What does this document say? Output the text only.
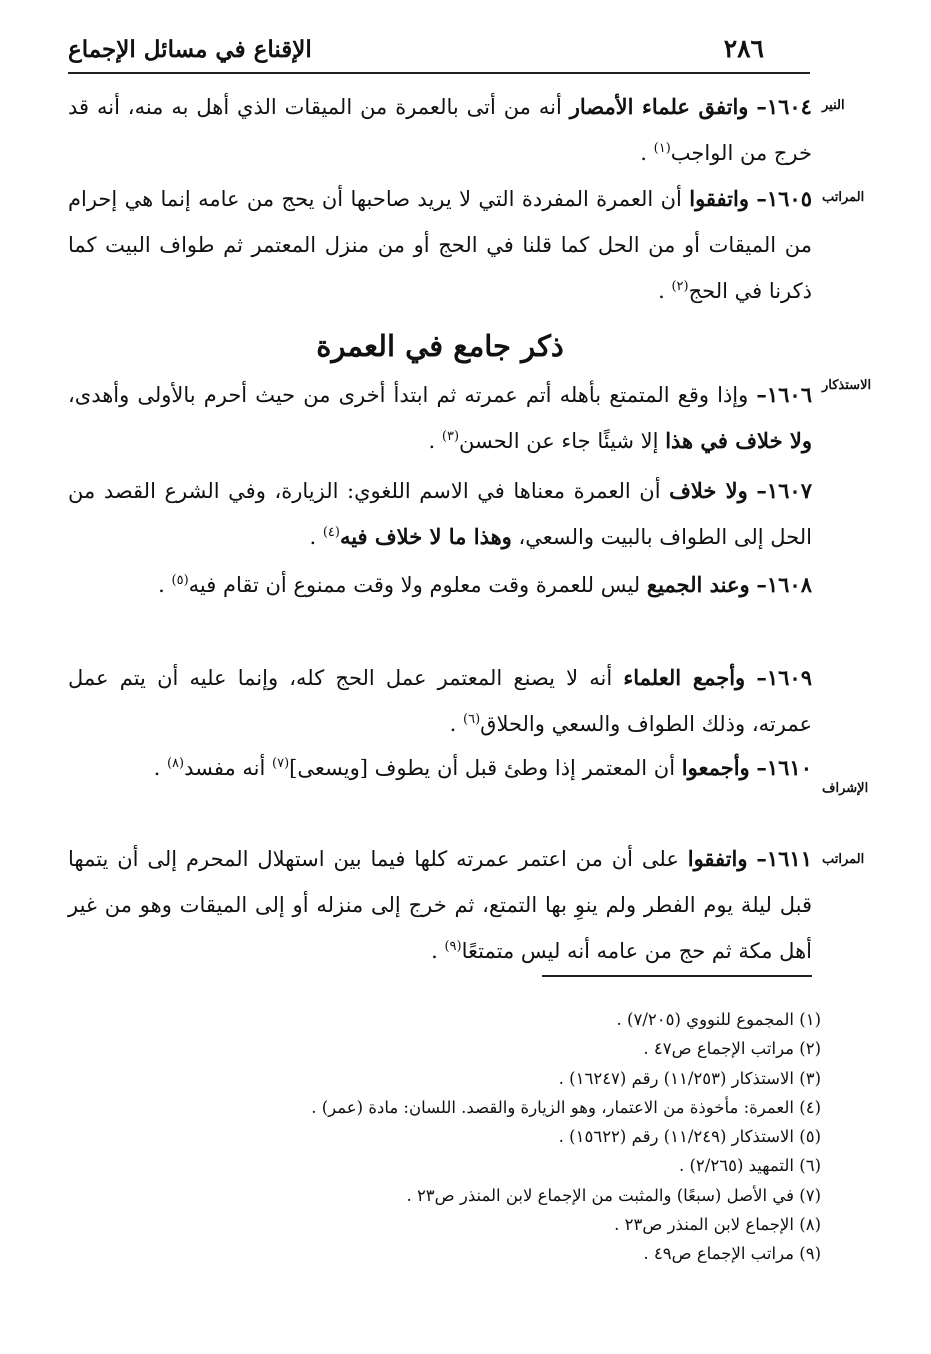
الإقناع في مسائل الإجماع	٢٨٦
النير
المراتب
الاستذكار
الإشراف
المراتب
١٦٠٤– واتفق علماء الأمصار أنه من أتى بالعمرة من الميقات الذي أهل به منه، أنه قد خرج من الواجب$^{(١)}$ .
١٦٠٥– واتفقوا أن العمرة المفردة التي لا يريد صاحبها أن يحج من عامه إنما هي إحرام من الميقات أو من الحل كما قلنا في الحج أو من منزل المعتمر ثم طواف البيت كما ذكرنا في الحج$^{(٢)}$ .
ذكر جامع في العمرة
١٦٠٦– وإذا وقع المتمتع بأهله أتم عمرته ثم ابتدأ أخرى من حيث أحرم بالأولى وأهدى، ولا خلاف في هذا إلا شيئًا جاء عن الحسن$^{(٣)}$ .
١٦٠٧– ولا خلاف أن العمرة معناها في الاسم اللغوي: الزيارة، وفي الشرع القصد من الحل إلى الطواف بالبيت والسعي، وهذا ما لا خلاف فيه$^{(٤)}$ .
١٦٠٨– وعند الجميع ليس للعمرة وقت معلوم ولا وقت ممنوع أن تقام فيه$^{(٥)}$ .
١٦٠٩– وأجمع العلماء أنه لا يصنع المعتمر عمل الحج كله، وإنما عليه أن يتم عمل عمرته، وذلك الطواف والسعي والحلاق$^{(٦)}$ .
١٦١٠– وأجمعوا أن المعتمر إذا وطئ قبل أن يطوف [ويسعى]$^{(٧)}$ أنه مفسد$^{(٨)}$ .
١٦١١– واتفقوا على أن من اعتمر عمرته كلها فيما بين استهلال المحرم إلى أن يتمها قبل ليلة يوم الفطر ولم ينوِ بها التمتع، ثم خرج إلى منزله أو إلى الميقات وهو من غير أهل مكة ثم حج من عامه أنه ليس متمتعًا$^{(٩)}$ .
(١) المجموع للنووي (٧/٢٠٥) .
(٢) مراتب الإجماع ص٤٧ .
(٣) الاستذكار (١١/٢٥٣) رقم (١٦٢٤٧) .
(٤) العمرة: مأخوذة من الاعتمار، وهو الزيارة والقصد. اللسان: مادة (عمر) .
(٥) الاستذكار (١١/٢٤٩) رقم (١٥٦٢٢) .
(٦) التمهيد (٢/٢٦٥) .
(٧) في الأصل (سبعًا) والمثبت من الإجماع لابن المنذر ص٢٣ .
(٨) الإجماع لابن المنذر ص٢٣ .
(٩) مراتب الإجماع ص٤٩ .
